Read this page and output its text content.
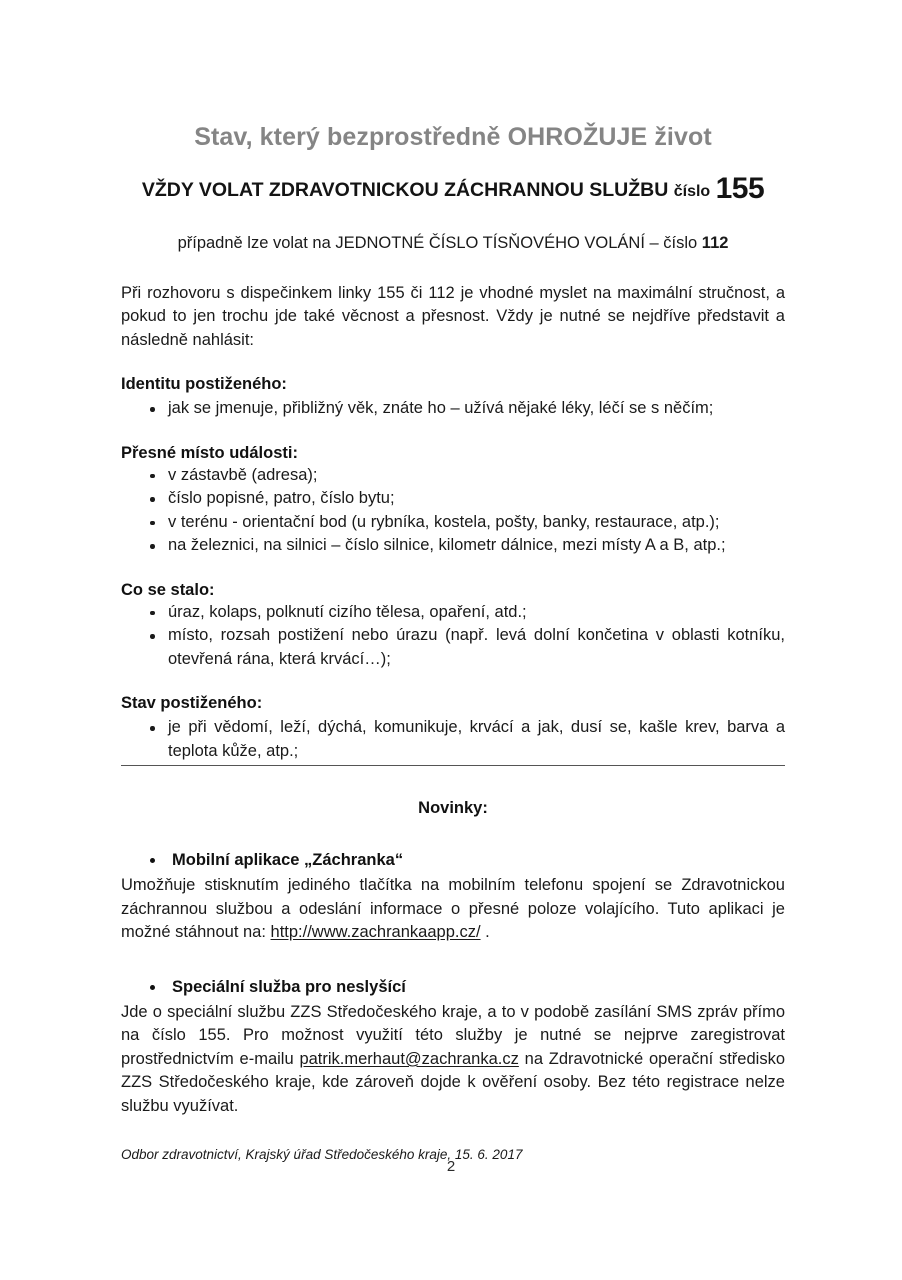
Stav, který bezprostředně OHROŽUJE život
VŽDY VOLAT ZDRAVOTNICKOU ZÁCHRANNOU SLUŽBU číslo 155

případně lze volat na JEDNOTNÉ ČÍSLO TÍSŇOVÉHO VOLÁNÍ – číslo 112

Při rozhovoru s dispečinkem linky 155 či 112 je vhodné myslet na maximální stručnost, a pokud to jen trochu jde také věcnost a přesnost. Vždy je nutné se nejdříve představit a následně nahlásit:

Identitu postiženého:
jak se jmenuje, přibližný věk, znáte ho – užívá nějaké léky, léčí se s něčím;
Přesné místo události:
v zástavbě (adresa);
číslo popisné, patro, číslo bytu;
v terénu - orientační bod (u rybníka, kostela, pošty, banky, restaurace, atp.);
na železnici, na silnici – číslo silnice, kilometr dálnice, mezi místy A a B, atp.;
Co se stalo:
úraz, kolaps, polknutí cizího tělesa, opaření, atd.;
místo, rozsah postižení nebo úrazu (např. levá dolní končetina v oblasti kotníku, otevřená rána, která krvácí…);
Stav postiženého:
je při vědomí, leží, dýchá, komunikuje, krvácí a jak, dusí se, kašle krev, barva a teplota kůže, atp.;

Novinky:

Mobilní aplikace „Záchranka“

Umožňuje stisknutím jediného tlačítka na mobilním telefonu spojení se Zdravotnickou záchrannou službou a odeslání informace o přesné poloze volajícího. Tuto aplikaci je možné stáhnout na: http://www.zachrankaapp.cz/ .

Speciální služba pro neslyšící

Jde o speciální službu ZZS Středočeského kraje, a to v podobě zasílání SMS zpráv přímo na číslo 155. Pro možnost využití této služby je nutné se nejprve zaregistrovat prostřednictvím e-mailu patrik.merhaut@zachranka.cz na Zdravotnické operační středisko ZZS Středočeského kraje, kde zároveň dojde k ověření osoby. Bez této registrace nelze službu využívat.

Odbor zdravotnictví, Krajský úřad Středočeského kraje, 15. 6. 2017

2
